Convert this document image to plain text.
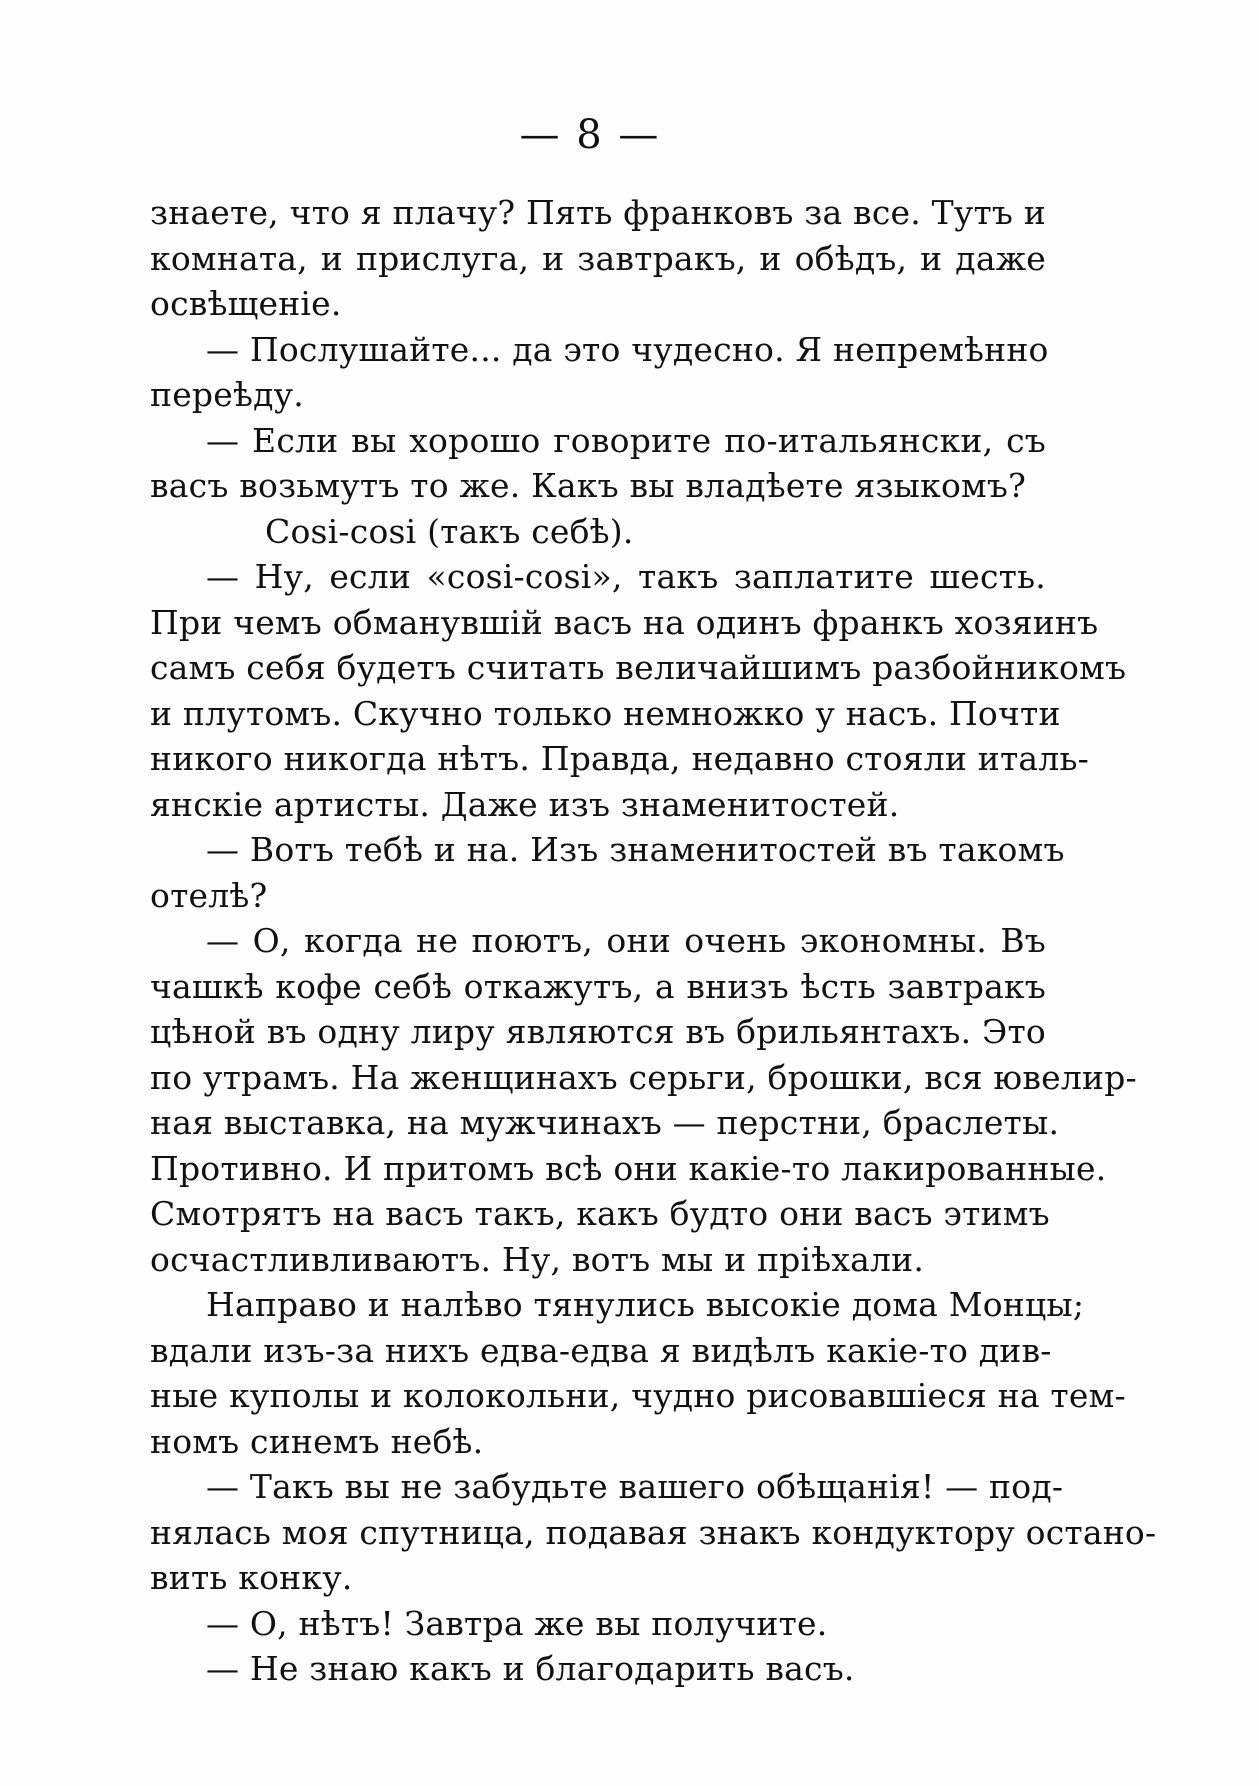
— 8 —
знаете, что я плачу? Пять франковъ за все. Тутъ и
комната, и прислуга, и завтракъ, и обѣдъ, и даже
освѣщенiе.
— Послушайте... да это чудесно. Я непремѣнно
переѣду.
— Если вы хорошо говорите по-итальянски, съ
васъ возьмутъ то же. Какъ вы владѣете языкомъ?
Cosi-cosi (такъ себѣ).
— Ну, если «cosi-cosi», такъ заплатите шесть.
При чемъ обманувшiй васъ на одинъ франкъ хозяинъ
самъ себя будетъ считать величайшимъ разбойникомъ
и плутомъ. Скучно только немножко у насъ. Почти
никого никогда нѣтъ. Правда, недавно стояли италь-
янскiе артисты. Даже изъ знаменитостей.
— Вотъ тебѣ и на. Изъ знаменитостей въ такомъ
отелѣ?
— О, когда не поютъ, они очень экономны. Въ
чашкѣ кофе себѣ откажутъ, а внизъ ѣсть завтракъ
цѣной въ одну лиру являются въ брильянтахъ. Это
по утрамъ. На женщинахъ серьги, брошки, вся ювелир-
ная выставка, на мужчинахъ — перстни, браслеты.
Противно. И притомъ всѣ они какiе-то лакированные.
Смотрятъ на васъ такъ, какъ будто они васъ этимъ
осчастливливаютъ. Ну, вотъ мы и прiѣхали.
Направо и налѣво тянулись высокiе дома Монцы;
вдали изъ-за нихъ едва-едва я видѣлъ какiе-то див-
ные куполы и колокольни, чудно рисовавшiеся на тем-
номъ синемъ небѣ.
— Такъ вы не забудьте вашего обѣщанiя! — под-
нялась моя спутница, подавая знакъ кондуктору остано-
вить конку.
— О, нѣтъ! Завтра же вы получите.
— Не знаю какъ и благодарить васъ.
